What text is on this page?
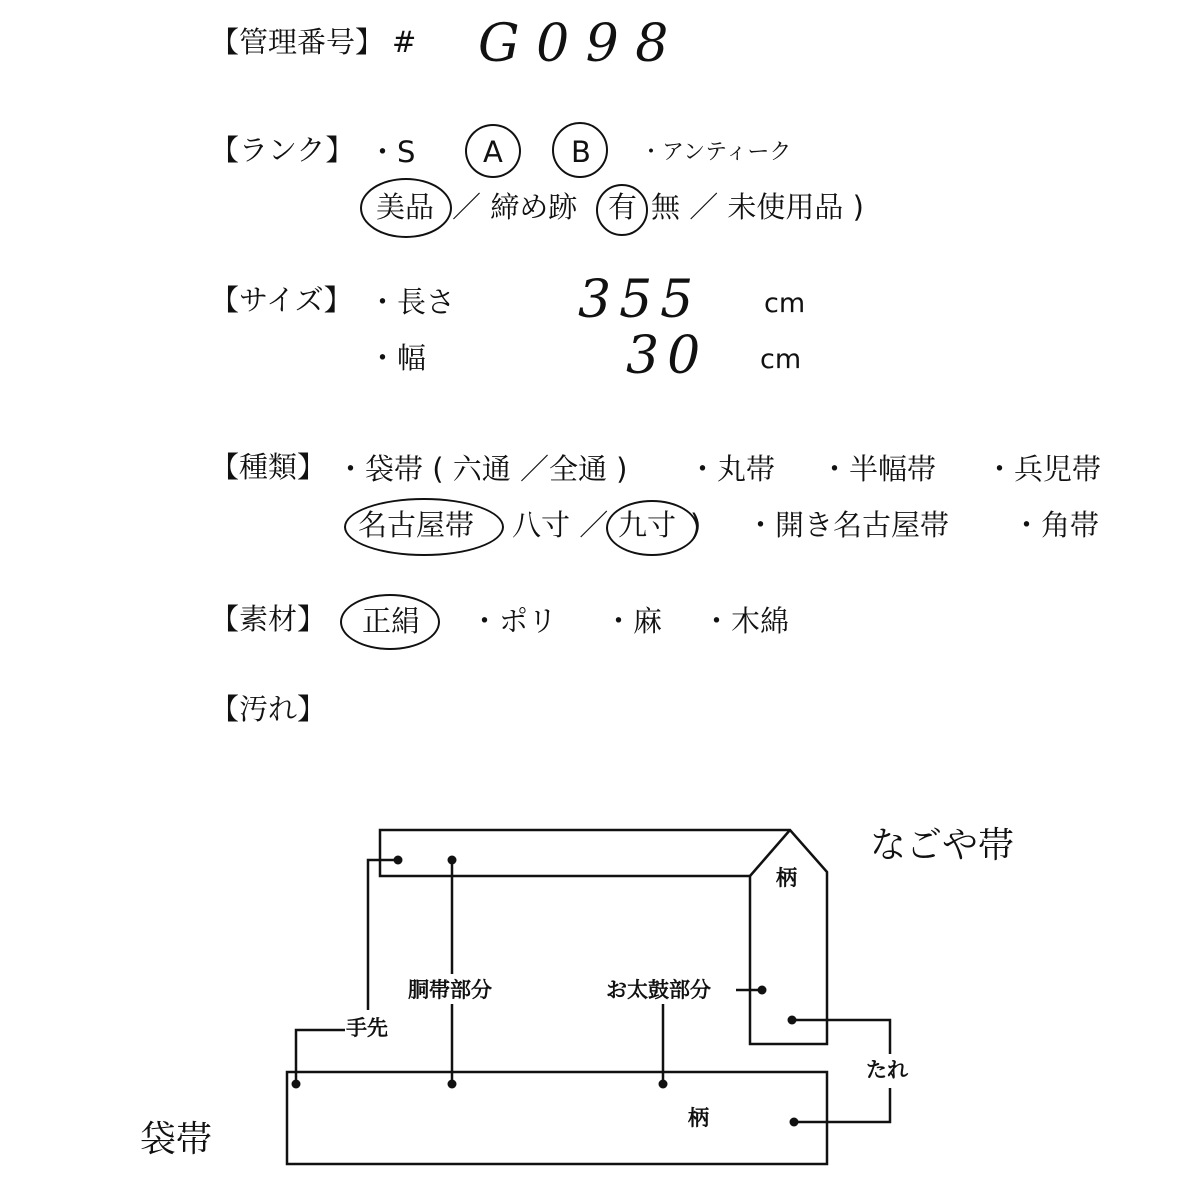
【管理番号】 # G 0 9 8
【ランク】 ・S A B ・アンティーク
( 美品 ／ 締め跡 有 無 ／ 未使用品 )
【サイズ】 ・長さ 355 cm
・幅	30 cm
【種類】 ・袋帯 ( 六通 ／全通 ) ・丸帯 ・半幅帯 ・兵児帯
名古屋帯 八寸 ／ 九寸 ) ・開き名古屋帯 ・角帯
【素材】 正絹 ・ポリ ・麻 ・木綿
【汚れ】
なごや帯
袋帯
柄
柄
胴帯部分	お太鼓部分
手先
たれ
